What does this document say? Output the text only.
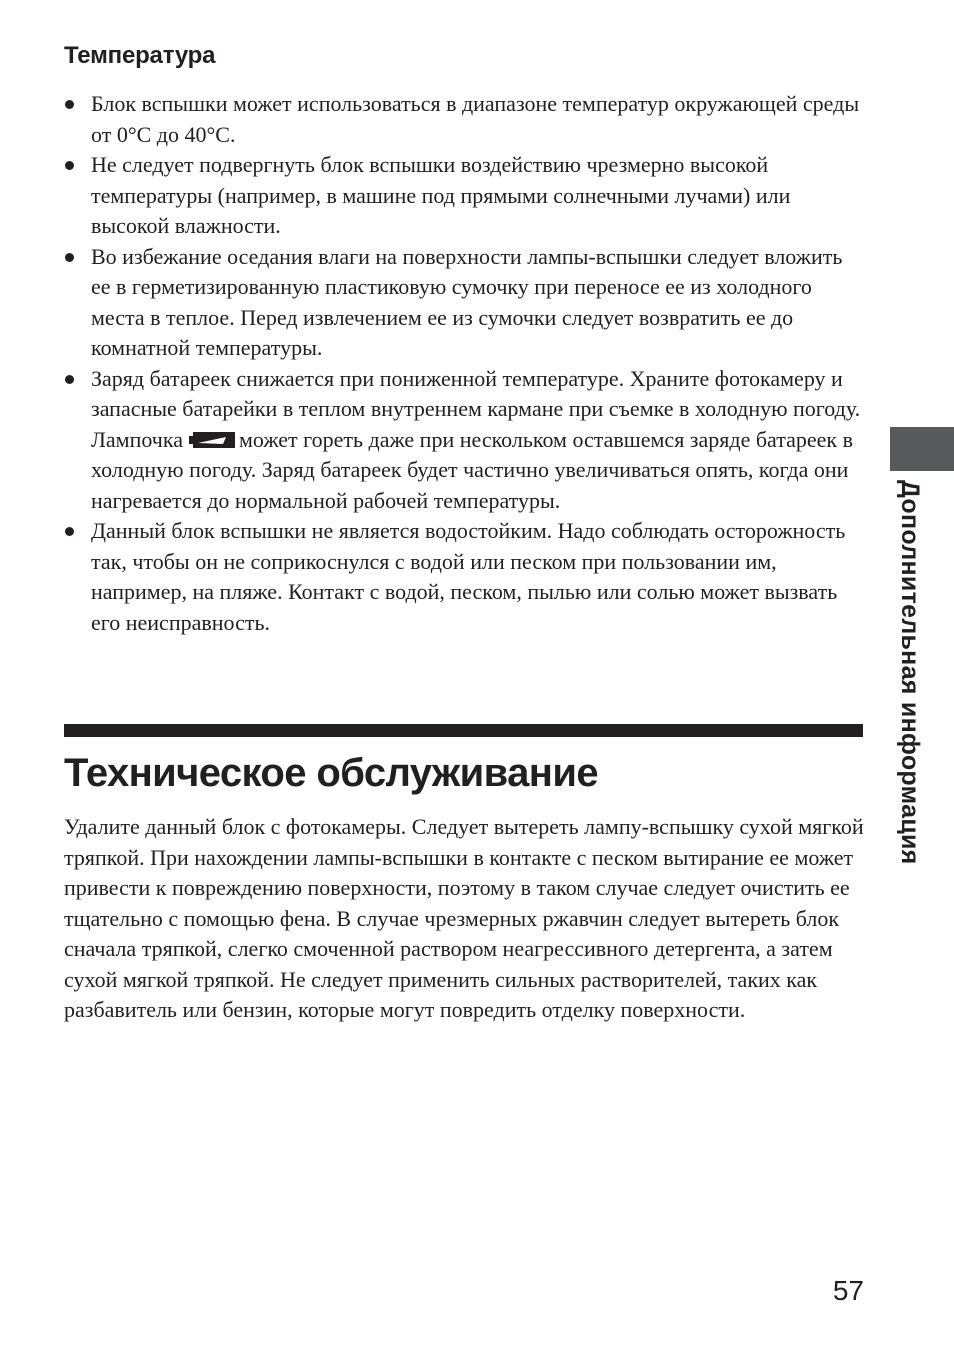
Температура
Блок вспышки может использоваться в диапазоне температур окружающей среды от 0°C до 40°C.
Не следует подвергнуть блок вспышки воздействию чрезмерно высокой температуры (например, в машине под прямыми солнечными лучами) или высокой влажности.
Во избежание оседания влаги на поверхности лампы-вспышки следует вложить ее в герметизированную пластиковую сумочку при переносе ее из холодного места в теплое. Перед извлечением ее из сумочки следует возвратить ее до комнатной температуры.
Заряд батареек снижается при пониженной температуре. Храните фотокамеру и запасные батарейки в теплом внутреннем кармане при съемке в холодную погоду. Лампочка	может гореть даже при нескольком оставшемся заряде батареек в холодную погоду. Заряд батареек будет частично увеличиваться опять, когда они нагревается до нормальной рабочей температуры.
Данный блок вспышки не является водостойким. Надо соблюдать осторожность так, чтобы он не соприкоснулся с водой или песком при пользовании им, например, на пляже. Контакт с водой, песком, пылью или солью может вызвать его неисправность.
Техническое обслуживание

Удалите данный блок с фотокамеры. Следует вытереть лампу-вспышку сухой мягкой тряпкой. При нахождении лампы-вспышки в контакте с песком вытирание ее может привести к повреждению поверхности, поэтому в таком случае следует очистить ее тщательно с помощью фена. В случае чрезмерных ржавчин следует вытереть блок сначала тряпкой, слегко смоченной раствором неагрессивного детергента, а затем сухой мягкой тряпкой. Не следует применить сильных растворителей, таких как разбавитель или бензин, которые могут повредить отделку поверхности.

Дополнительная информация

57
